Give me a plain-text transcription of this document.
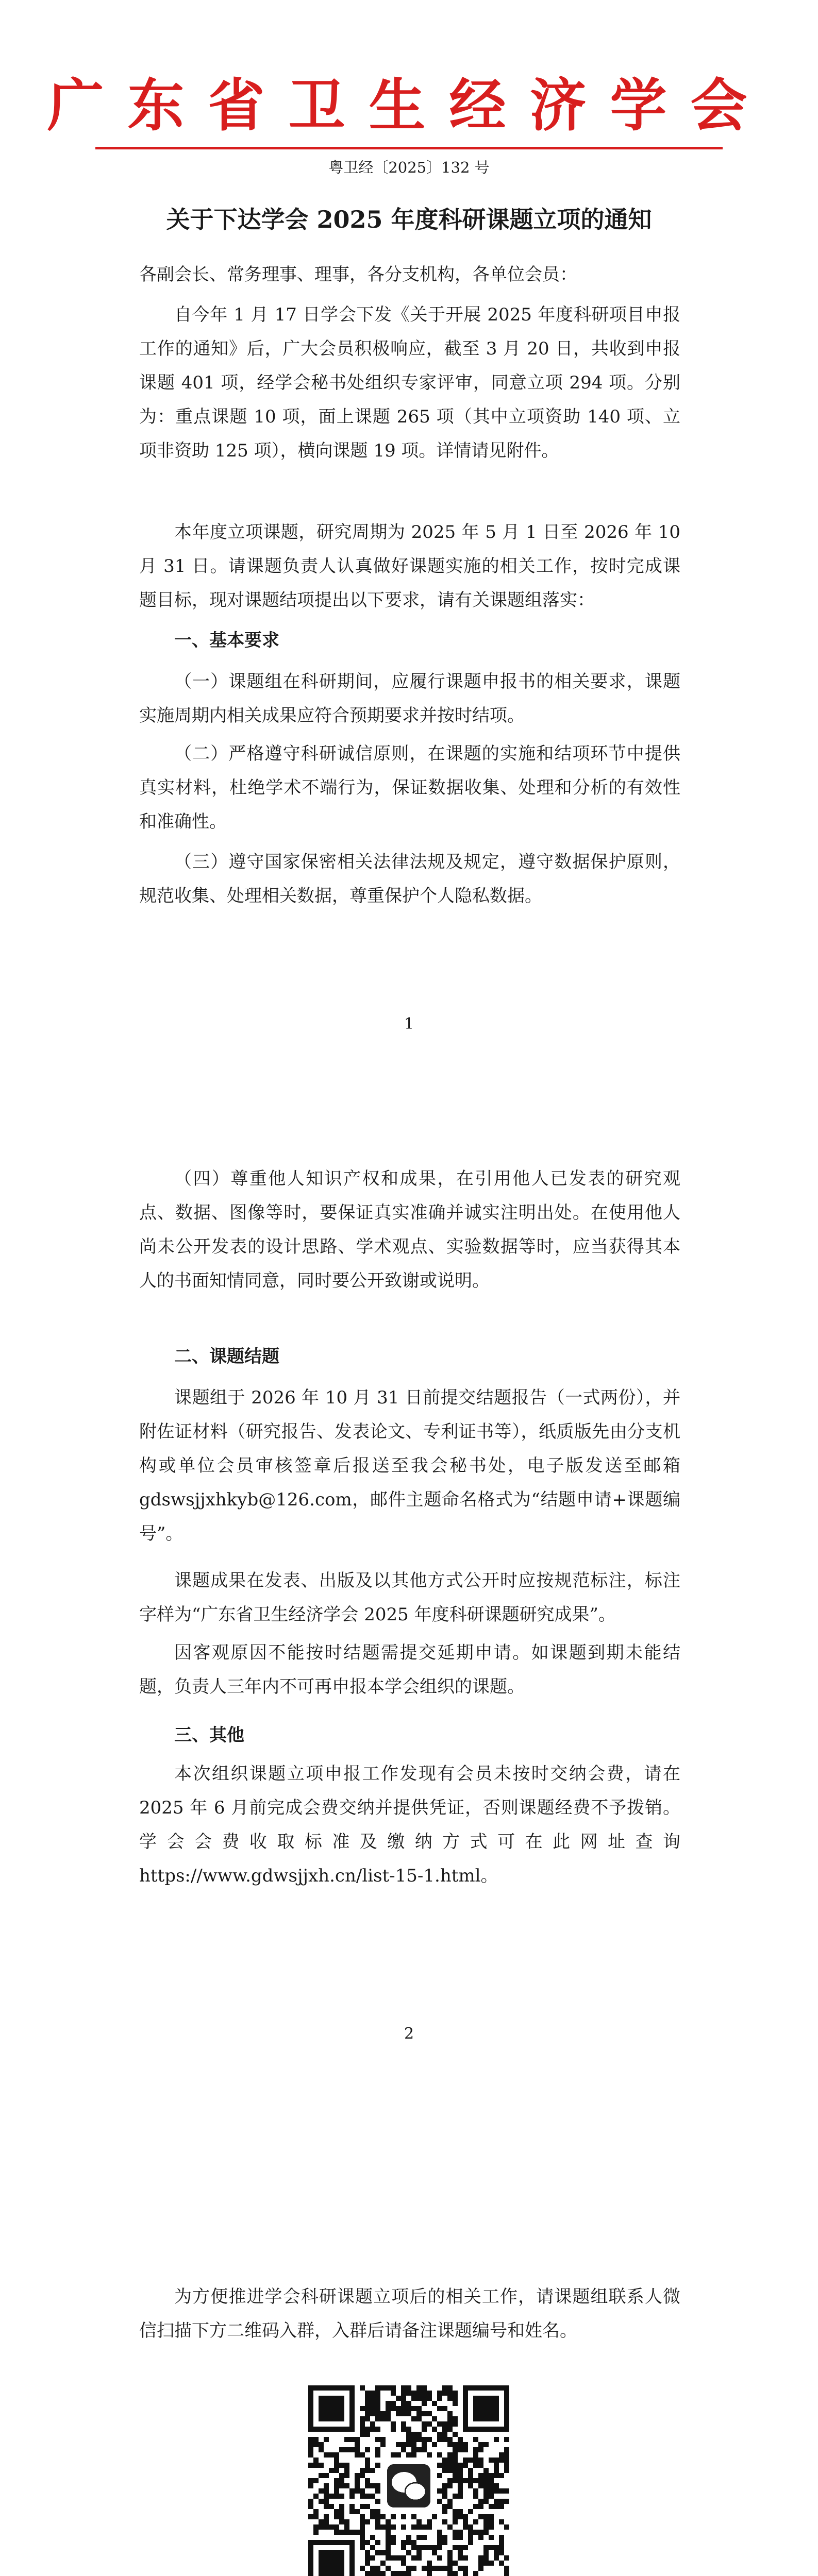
广东省卫生经济学会
粤卫经〔2025〕132 号
关于下达学会 2025 年度科研课题立项的通知
各副会长、常务理事、理事，各分支机构，各单位会员：
自今年 1 月 17 日学会下发《关于开展 2025 年度科研项目申报工作的通知》后，广大会员积极响应，截至 3 月 20 日，共收到申报课题 401 项，经学会秘书处组织专家评审，同意立项 294 项。分别为：重点课题 10 项，面上课题 265 项（其中立项资助 140 项、立项非资助 125 项），横向课题 19 项。详情请见附件。
本年度立项课题，研究周期为 2025 年 5 月 1 日至 2026 年 10 月 31 日。请课题负责人认真做好课题实施的相关工作，按时完成课题目标，现对课题结项提出以下要求，请有关课题组落实：
一、基本要求
（一）课题组在科研期间，应履行课题申报书的相关要求，课题实施周期内相关成果应符合预期要求并按时结项。
（二）严格遵守科研诚信原则，在课题的实施和结项环节中提供真实材料，杜绝学术不端行为，保证数据收集、处理和分析的有效性和准确性。
（三）遵守国家保密相关法律法规及规定，遵守数据保护原则，规范收集、处理相关数据，尊重保护个人隐私数据。
1
（四）尊重他人知识产权和成果，在引用他人已发表的研究观点、数据、图像等时，要保证真实准确并诚实注明出处。在使用他人尚未公开发表的设计思路、学术观点、实验数据等时，应当获得其本人的书面知情同意，同时要公开致谢或说明。
二、课题结题
课题组于 2026 年 10 月 31 日前提交结题报告（一式两份），并附佐证材料（研究报告、发表论文、专利证书等），纸质版先由分支机构或单位会员审核签章后报送至我会秘书处，电子版发送至邮箱 gdswsjjxhkyb@126.com，邮件主题命名格式为“结题申请+课题编号”。
课题成果在发表、出版及以其他方式公开时应按规范标注，标注字样为“广东省卫生经济学会 2025 年度科研课题研究成果”。
因客观原因不能按时结题需提交延期申请。如课题到期未能结题，负责人三年内不可再申报本学会组织的课题。
三、其他
本次组织课题立项申报工作发现有会员未按时交纳会费，请在 2025 年 6 月前完成会费交纳并提供凭证，否则课题经费不予拨销。学会会费收取标准及缴纳方式可在此网址查询 https://www.gdwsjjxh.cn/list-15-1.html。
2
为方便推进学会科研课题立项后的相关工作，请课题组联系人微信扫描下方二维码入群，入群后请备注课题编号和姓名。
